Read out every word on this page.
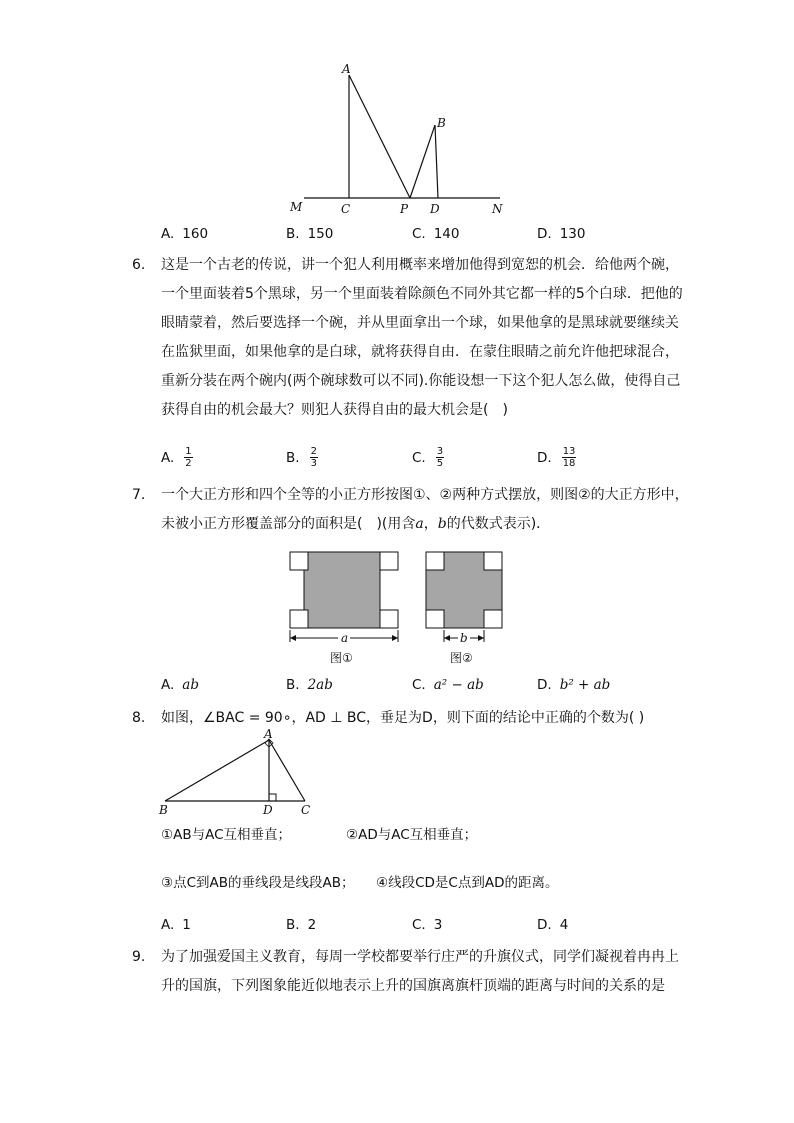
A
B
M	C	P D	N
A. 160	B. 150	C. 140	D. 130
6. 这是一个古老的传说，讲一个犯人利用概率来增加他得到宽恕的机会．给他两个碗，一个里面装着5个黑球，另一个里面装着除颜色不同外其它都一样的5个白球．把他的眼睛蒙着，然后要选择一个碗，并从里面拿出一个球，如果他拿的是黑球就要继续关在监狱里面，如果他拿的是白球，就将获得自由．在蒙住眼睛之前允许他把球混合，重新分装在两个碗内(两个碗球数可以不同).你能设想一下这个犯人怎么做，使得自己获得自由的机会最大？则犯人获得自由的最大机会是(　)
A. $\frac{1}{2}$	B. $\frac{2}{3}$	C. $\frac{3}{5}$	D. $\frac{13}{18}$
7. 一个大正方形和四个全等的小正方形按图①、②两种方式摆放，则图②的大正方形中，未被小正方形覆盖部分的面积是(　)(用含a，b的代数式表示)．
a
图①
b
图②
A. ab	B. 2ab	C. a² − ab	D. b² + ab
8. 如图，∠BAC = 90∘，AD ⊥ BC，垂足为D，则下面的结论中正确的个数为( )
A
B	D C
①AB与AC互相垂直；	②AD与AC互相垂直；
③点C到AB的垂线段是线段AB； ④线段CD是C点到AD的距离。
A. 1	B. 2	C. 3	D. 4
9. 为了加强爱国主义教育，每周一学校都要举行庄严的升旗仪式，同学们凝视着冉冉上升的国旗，下列图象能近似地表示上升的国旗离旗杆顶端的距离与时间的关系的是
